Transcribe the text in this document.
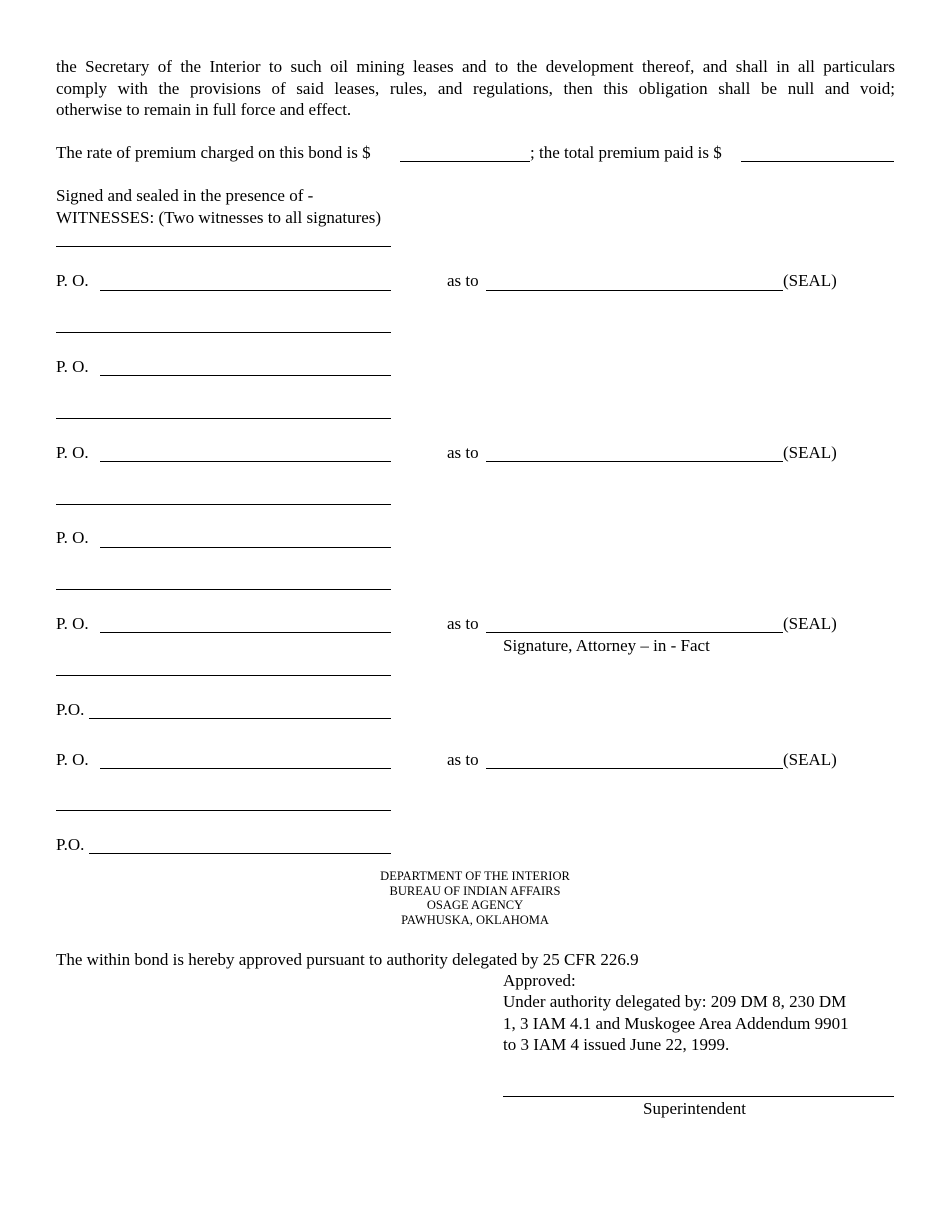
the Secretary of the Interior to such oil mining leases and to the development thereof, and shall in all particulars
comply with the provisions of said leases, rules, and regulations, then this obligation shall be null and void;
otherwise to remain in full force and effect.
The rate of premium charged on this bond is $	; the total premium paid is $
Signed and sealed in the presence of -
WITNESSES: (Two witnesses to all signatures)
P. O.	as to	(SEAL)
P. O.
P. O.	as to	(SEAL)
P. O.
P. O.	as to	(SEAL)
Signature, Attorney – in - Fact
P.O.
P. O.	as to	(SEAL)
P.O.
DEPARTMENT OF THE INTERIOR
BUREAU OF INDIAN AFFAIRS
OSAGE AGENCY
PAWHUSKA, OKLAHOMA
The within bond is hereby approved pursuant to authority delegated by 25 CFR 226.9
Approved:
Under authority delegated by: 209 DM 8, 230 DM
1, 3 IAM 4.1 and Muskogee Area Addendum 9901
to 3 IAM 4 issued June 22, 1999.
Superintendent
